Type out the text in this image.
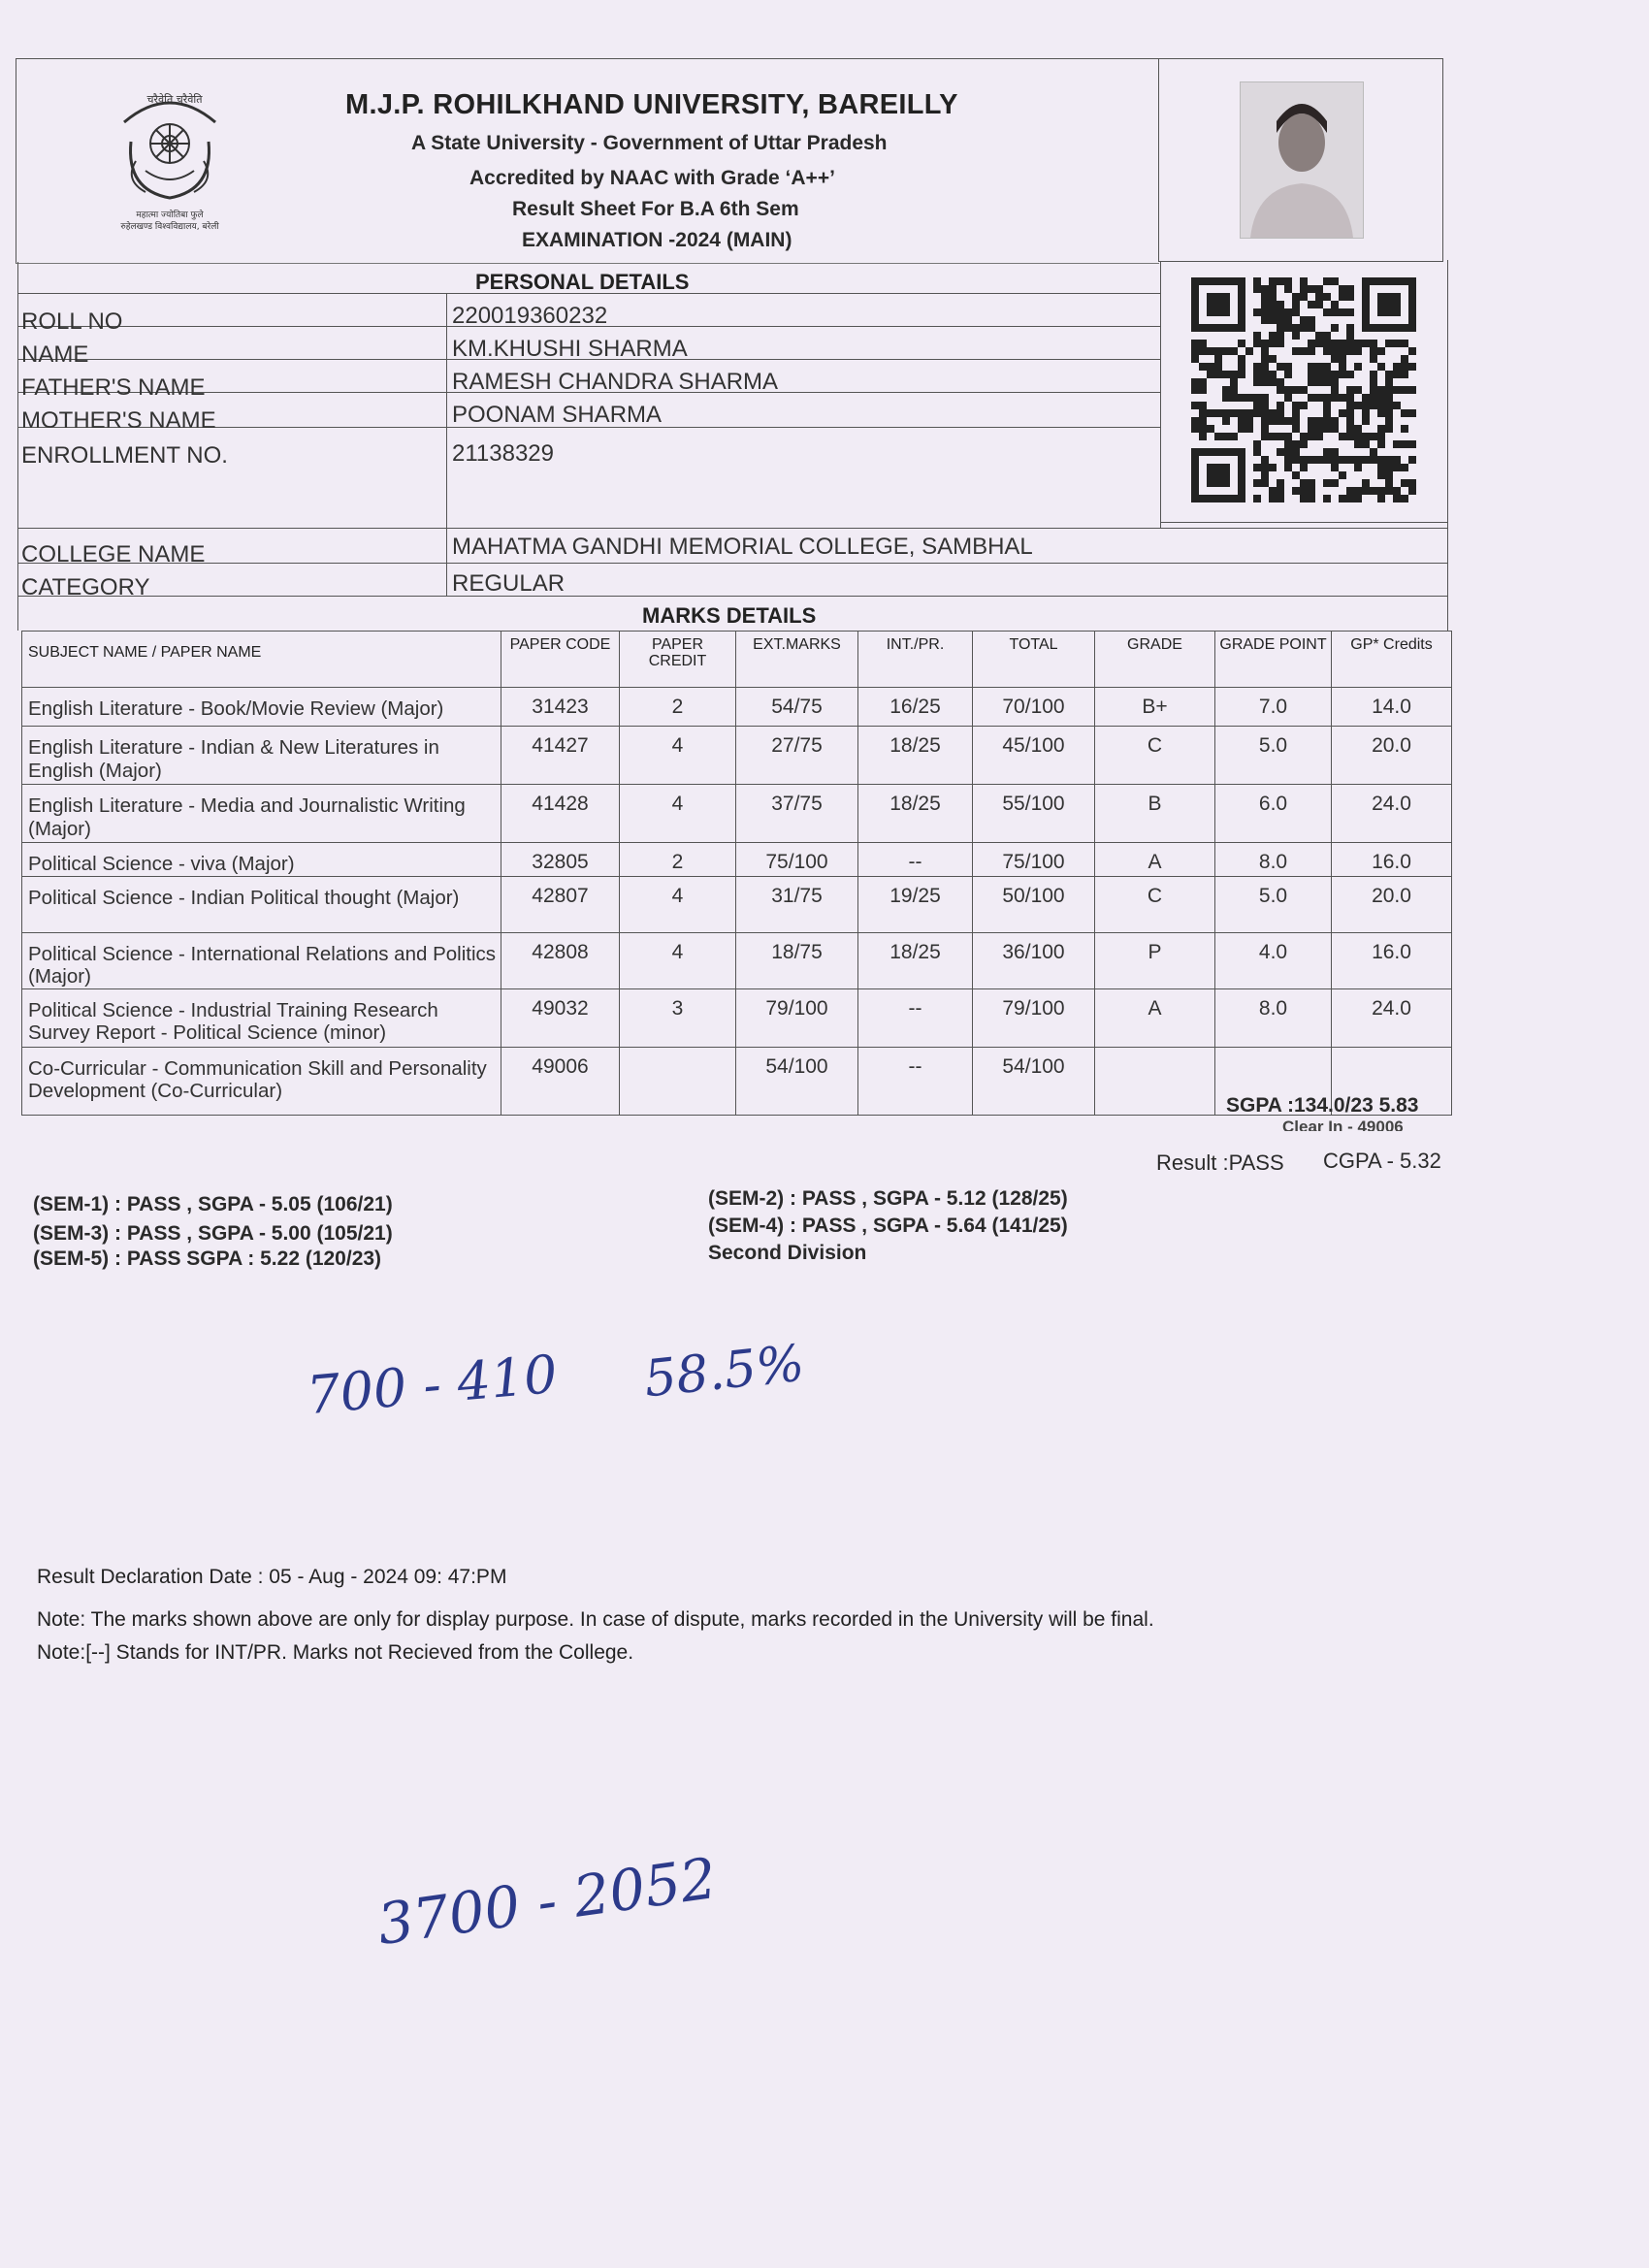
महात्मा ज्योतिबा फुले
रुहेलखण्ड विश्वविद्यालय, बरेली
चरैवेति चरैवेति	M.J.P. ROHILKHAND UNIVERSITY, BAREILLY
A State University - Government of Uttar Pradesh
Accredited by NAAC with Grade ‘A++’
Result Sheet For B.A 6th Sem
EXAMINATION -2024 (MAIN)
PERSONAL DETAILS
ROLL NO	220019360232
NAME	KM.KHUSHI SHARMA
FATHER'S NAME	RAMESH CHANDRA SHARMA
MOTHER'S NAME	POONAM SHARMA
ENROLLMENT NO.	21138329
COLLEGE NAME	MAHATMA GANDHI MEMORIAL COLLEGE, SAMBHAL
CATEGORY	REGULAR
MARKS DETAILS
SUBJECT NAME / PAPER NAME	PAPER CODE	PAPER CREDIT	EXT.MARKS	INT./PR.	TOTAL	GRADE	GRADE POINT	GP* Credits
English Literature - Book/Movie Review (Major)	31423	2	54/75	16/25	70/100	B+	7.0	14.0
English Literature - Indian & New Literatures in English (Major)	41427	4	27/75	18/25	45/100	C	5.0	20.0
English Literature - Media and Journalistic Writing (Major)	41428	4	37/75	18/25	55/100	B	6.0	24.0
Political Science - viva (Major)	32805	2	75/100	--	75/100	A	8.0	16.0
Political Science - Indian Political thought (Major)	42807	4	31/75	19/25	50/100	C	5.0	20.0
Political Science - International Relations and Politics (Major)	42808	4	18/75	18/25	36/100	P	4.0	16.0
Political Science - Industrial Training Research Survey Report - Political Science (minor)	49032	3	79/100	--	79/100	A	8.0	24.0
Co-Curricular - Communication Skill and Personality Development (Co-Curricular)	49006		54/100	--	54/100			
SGPA :134.0/23 5.83
Clear In - 49006
Result :PASS CGPA - 5.32
(SEM-1) : PASS , SGPA - 5.05 (106/21)
(SEM-3) : PASS , SGPA - 5.00 (105/21)
(SEM-5) : PASS SGPA : 5.22 (120/23)
(SEM-2) : PASS , SGPA - 5.12 (128/25)
(SEM-4) : PASS , SGPA - 5.64 (141/25)
Second Division
700 - 410 58.5%
3700 - 2052
Result Declaration Date : 05 - Aug - 2024 09: 47:PM
Note: The marks shown above are only for display purpose. In case of dispute, marks recorded in the University will be final.
Note:[--] Stands for INT/PR. Marks not Recieved from the College.
